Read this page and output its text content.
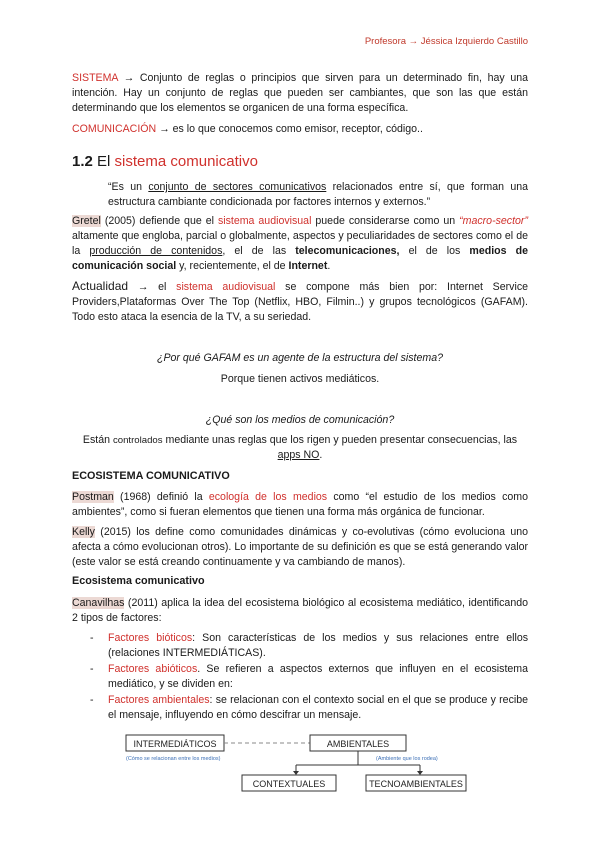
Profesora → Jéssica Izquierdo Castillo
SISTEMA → Conjunto de reglas o principios que sirven para un determinado fin, hay una intención. Hay un conjunto de reglas que pueden ser cambiantes, que son las que están determinando que los elementos se organicen de una forma específica.
COMUNICACIÓN → es lo que conocemos como emisor, receptor, código..
1.2 El sistema comunicativo
“Es un conjunto de sectores comunicativos relacionados entre sí, que forman una estructura cambiante condicionada por factores internos y externos.”
Gretel (2005) defiende que el sistema audiovisual puede considerarse como un “macro-sector” altamente que engloba, parcial o globalmente, aspectos y peculiaridades de sectores como el de la producción de contenidos, el de las telecomunicaciones, el de los medios de comunicación social y, recientemente, el de Internet.
Actualidad → el sistema audiovisual se compone más bien por: Internet Service Providers,Plataformas Over The Top (Netflix, HBO, Filmin..) y grupos tecnológicos (GAFAM). Todo esto ataca la esencia de la TV, a su seriedad.
¿Por qué GAFAM es un agente de la estructura del sistema?
Porque tienen activos mediáticos.
¿Qué son los medios de comunicación?
Están controlados mediante unas reglas que los rigen y pueden presentar consecuencias, las apps NO.
ECOSISTEMA COMUNICATIVO
Postman (1968) definió la ecología de los medios como “el estudio de los medios como ambientes”, como si fueran elementos que tienen una forma más orgánica de funcionar.
Kelly (2015) los define como comunidades dinámicas y co-evolutivas (cómo evoluciona uno afecta a cómo evolucionan otros). Lo importante de su definición es que se está generando valor (este valor se está creando continuamente y va cambiando de manos).
Ecosistema comunicativo
Canavilhas (2011) aplica la idea del ecosistema biológico al ecosistema mediático, identificando 2 tipos de factores:
- Factores bióticos: Son características de los medios y sus relaciones entre ellos (relaciones INTERMEDIÁTICAS).
- Factores abióticos. Se refieren a aspectos externos que influyen en el ecosistema mediático, y se dividen en:
- Factores ambientales: se relacionan con el contexto social en el que se produce y recibe el mensaje, influyendo en cómo descifrar un mensaje.
INTERMEDIÁTICOS	AMBIENTALES
(Cómo se relacionan entre los medios)	(Ambiente que los rodea)
CONTEXTUALES	TECNOAMBIENTALES
